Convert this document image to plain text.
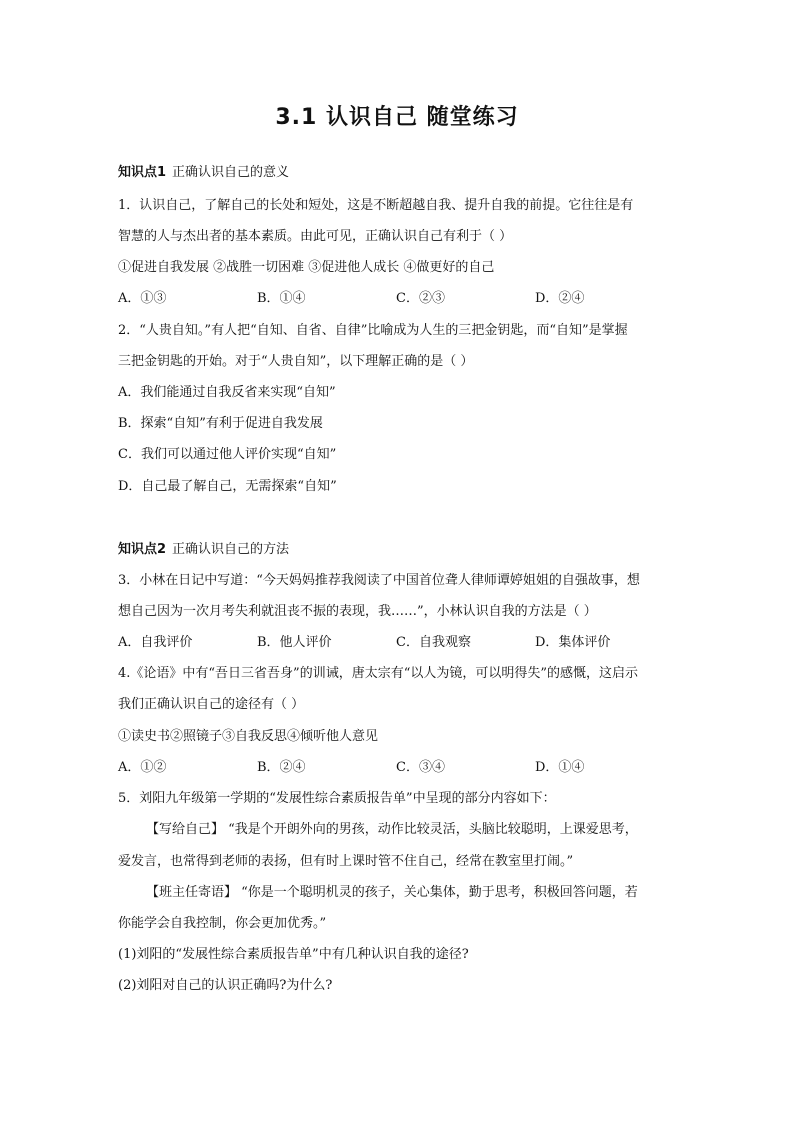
3.1 认识自己 随堂练习
知识点1 正确认识自己的意义
1．认识自己，了解自己的长处和短处，这是不断超越自我、提升自我的前提。它往往是有
智慧的人与杰出者的基本素质。由此可见，正确认识自己有利于（ ）
①促进自我发展 ②战胜一切困难 ③促进他人成长 ④做更好的自己
A．①③	B．①④	C．②③	D．②④
2．“人贵自知。”有人把“自知、自省、自律”比喻成为人生的三把金钥匙，而“自知”是掌握
三把金钥匙的开始。对于“人贵自知”，以下理解正确的是（ ）
A．我们能通过自我反省来实现“自知”
B．探索“自知”有利于促进自我发展
C．我们可以通过他人评价实现“自知”
D．自己最了解自己，无需探索“自知”
知识点2 正确认识自己的方法
3．小林在日记中写道：“今天妈妈推荐我阅读了中国首位聋人律师谭婷姐姐的自强故事，想
想自己因为一次月考失利就沮丧不振的表现，我……”，小林认识自我的方法是（ ）
A．自我评价	B．他人评价	C．自我观察	D．集体评价
4.《论语》中有“吾日三省吾身”的训诫，唐太宗有“以人为镜，可以明得失”的感慨，这启示
我们正确认识自己的途径有（ ）
①读史书②照镜子③自我反思④倾听他人意见
A．①②	B．②④	C．③④	D．①④
5．刘阳九年级第一学期的“发展性综合素质报告单”中呈现的部分内容如下：
【写给自己】 “我是个开朗外向的男孩，动作比较灵活，头脑比较聪明，上课爱思考，
爱发言，也常得到老师的表扬，但有时上课时管不住自己，经常在教室里打闹。”
【班主任寄语】 “你是一个聪明机灵的孩子，关心集体，勤于思考，积极回答问题，若
你能学会自我控制，你会更加优秀。”
(1)刘阳的“发展性综合素质报告单”中有几种认识自我的途径?
(2)刘阳对自己的认识正确吗?为什么?
